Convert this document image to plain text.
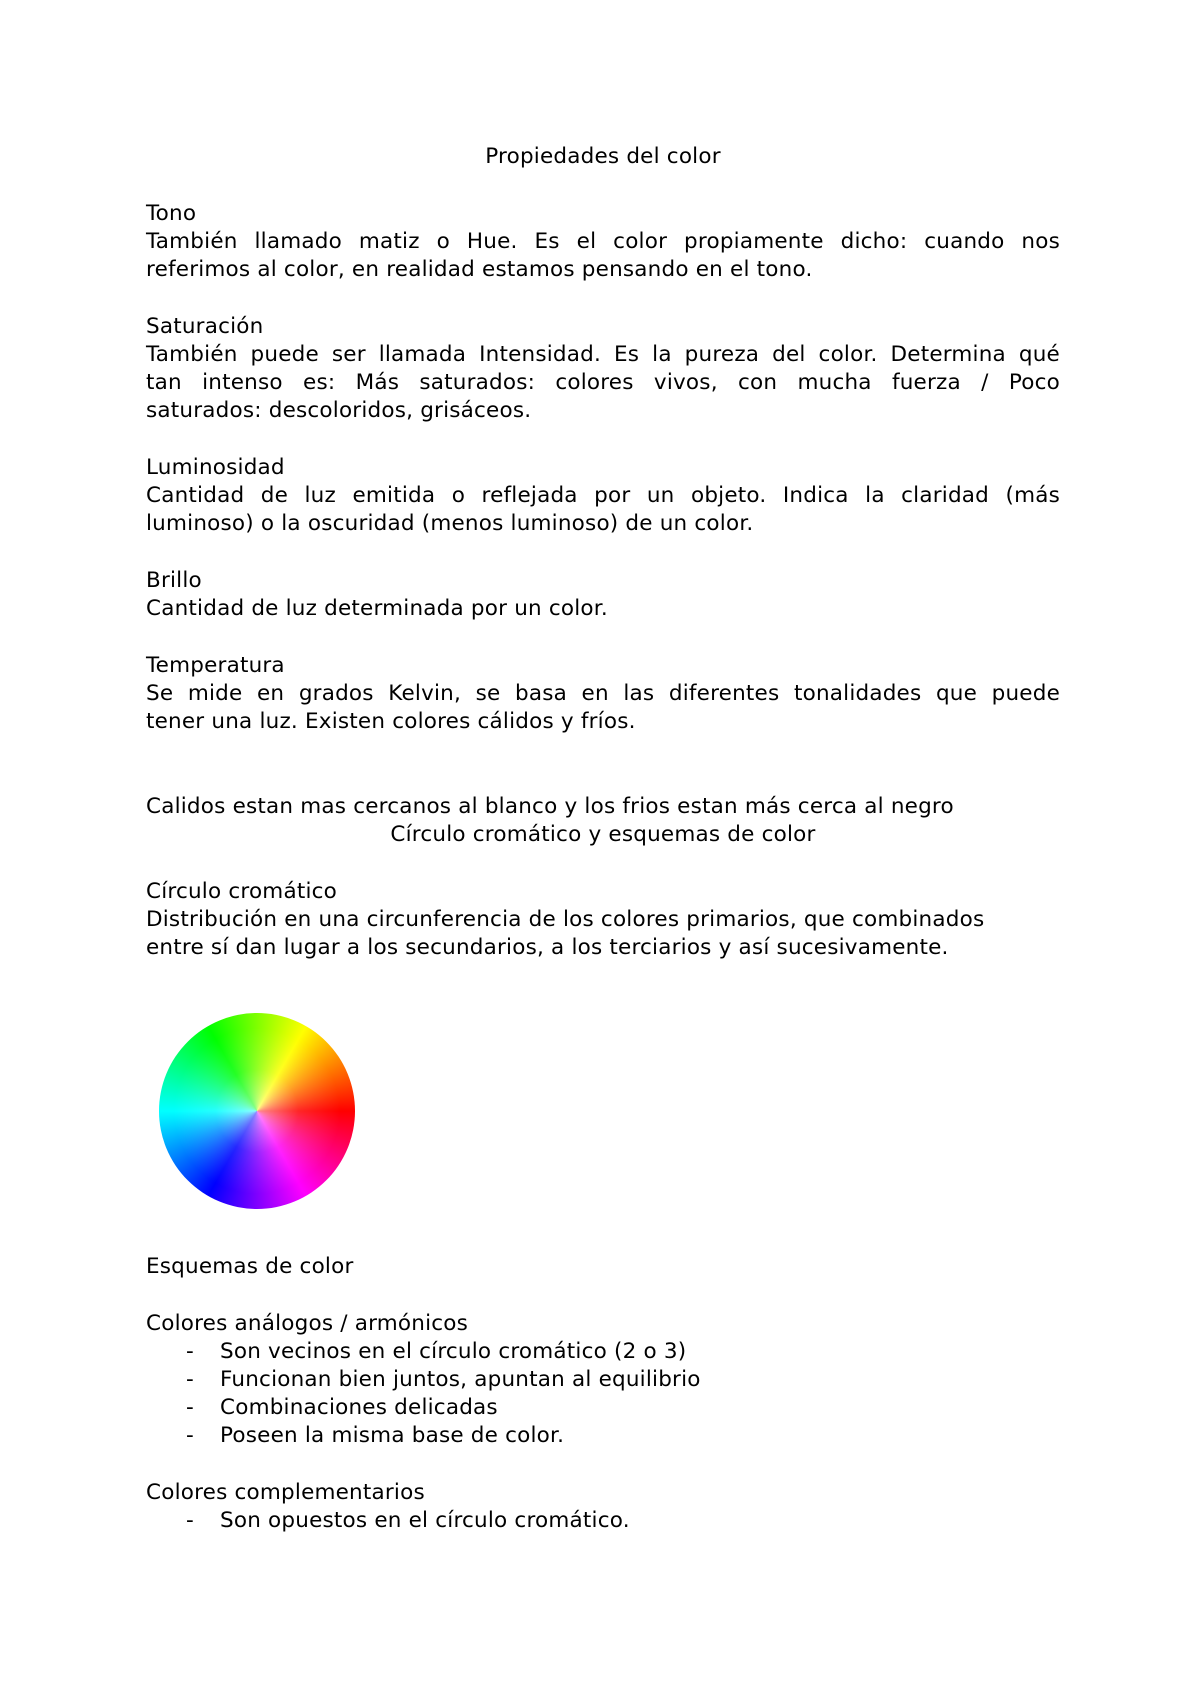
Propiedades del color
Tono
También llamado matiz o Hue. Es el color propiamente dicho: cuando nos
referimos al color, en realidad estamos pensando en el tono.
Saturación
También puede ser llamada Intensidad. Es la pureza del color. Determina qué
tan intenso es: Más saturados: colores vivos, con mucha fuerza / Poco
saturados: descoloridos, grisáceos.
Luminosidad
Cantidad de luz emitida o reflejada por un objeto. Indica la claridad (más
luminoso) o la oscuridad (menos luminoso) de un color.
Brillo
Cantidad de luz determinada por un color.
Temperatura
Se mide en grados Kelvin, se basa en las diferentes tonalidades que puede
tener una luz. Existen colores cálidos y fríos.
Calidos estan mas cercanos al blanco y los frios estan más cerca al negro
Círculo cromático y esquemas de color
Círculo cromático
Distribución en una circunferencia de los colores primarios, que combinados
entre sí dan lugar a los secundarios, a los terciarios y así sucesivamente.
Esquemas de color
Colores análogos / armónicos
- Son vecinos en el círculo cromático (2 o 3)
- Funcionan bien juntos, apuntan al equilibrio
- Combinaciones delicadas
- Poseen la misma base de color.
Colores complementarios
- Son opuestos en el círculo cromático.
